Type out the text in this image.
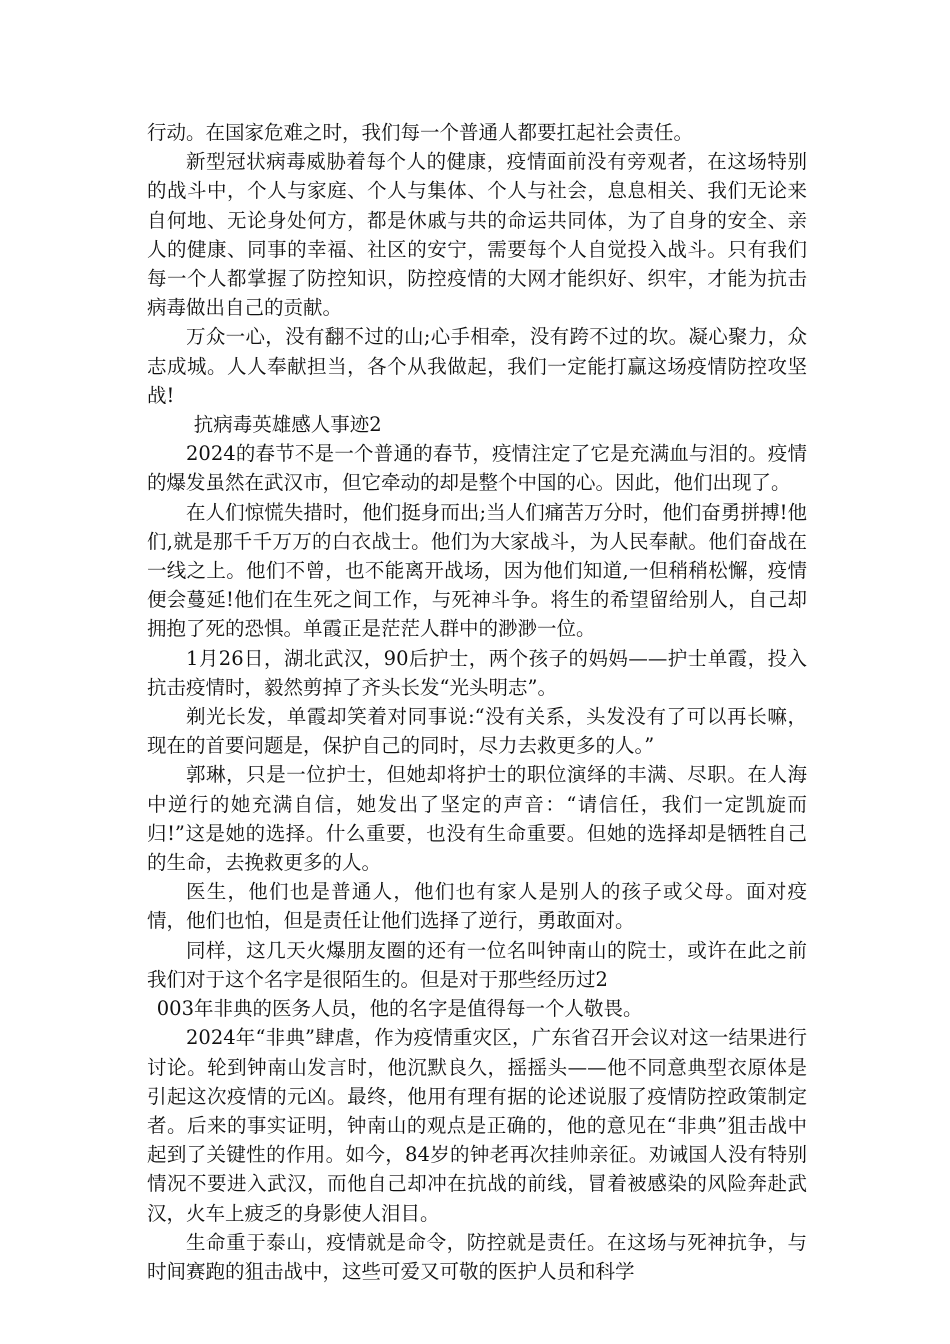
行动。在国家危难之时，我们每一个普通人都要扛起社会责任。

新型冠状病毒威胁着每个人的健康，疫情面前没有旁观者，在这场特别的战斗中，个人与家庭、个人与集体、个人与社会，息息相关、我们无论来自何地、无论身处何方，都是休戚与共的命运共同体，为了自身的安全、亲人的健康、同事的幸福、社区的安宁，需要每个人自觉投入战斗。只有我们每一个人都掌握了防控知识，防控疫情的大网才能织好、织牢，才能为抗击病毒做出自己的贡献。

万众一心，没有翻不过的山;心手相牵，没有跨不过的坎。凝心聚力，众志成城。人人奉献担当，各个从我做起，我们一定能打赢这场疫情防控攻坚战!

抗病毒英雄感人事迹2

2024的春节不是一个普通的春节，疫情注定了它是充满血与泪的。疫情的爆发虽然在武汉市，但它牵动的却是整个中国的心。因此，他们出现了。

在人们惊慌失措时，他们挺身而出;当人们痛苦万分时，他们奋勇拼搏!他们,就是那千千万万的白衣战士。他们为大家战斗，为人民奉献。他们奋战在一线之上。他们不曾，也不能离开战场，因为他们知道,一但稍稍松懈，疫情便会蔓延!他们在生死之间工作，与死神斗争。将生的希望留给别人，自己却拥抱了死的恐惧。单霞正是茫茫人群中的渺渺一位。

1月26日，湖北武汉，90后护士，两个孩子的妈妈——护士单霞，投入抗击疫情时，毅然剪掉了齐头长发“光头明志”。

剃光长发，单霞却笑着对同事说:“没有关系，头发没有了可以再长嘛，现在的首要问题是，保护自己的同时，尽力去救更多的人。”

郭琳，只是一位护士，但她却将护士的职位演绎的丰满、尽职。在人海中逆行的她充满自信，她发出了坚定的声音：“请信任，我们一定凯旋而归!”这是她的选择。什么重要，也没有生命重要。但她的选择却是牺牲自己的生命，去挽救更多的人。

医生，他们也是普通人，他们也有家人是别人的孩子或父母。面对疫情，他们也怕，但是责任让他们选择了逆行，勇敢面对。

同样，这几天火爆朋友圈的还有一位名叫钟南山的院士，或许在此之前我们对于这个名字是很陌生的。但是对于那些经历过2

003年非典的医务人员，他的名字是值得每一个人敬畏。

2024年“非典”肆虐，作为疫情重灾区，广东省召开会议对这一结果进行讨论。轮到钟南山发言时，他沉默良久，摇摇头——他不同意典型衣原体是引起这次疫情的元凶。最终，他用有理有据的论述说服了疫情防控政策制定者。后来的事实证明，钟南山的观点是正确的，他的意见在“非典”狙击战中起到了关键性的作用。如今，84岁的钟老再次挂帅亲征。劝诫国人没有特别情况不要进入武汉，而他自己却冲在抗战的前线，冒着被感染的风险奔赴武汉，火车上疲乏的身影使人泪目。

生命重于泰山，疫情就是命令，防控就是责任。在这场与死神抗争，与时间赛跑的狙击战中，这些可爱又可敬的医护人员和科学
